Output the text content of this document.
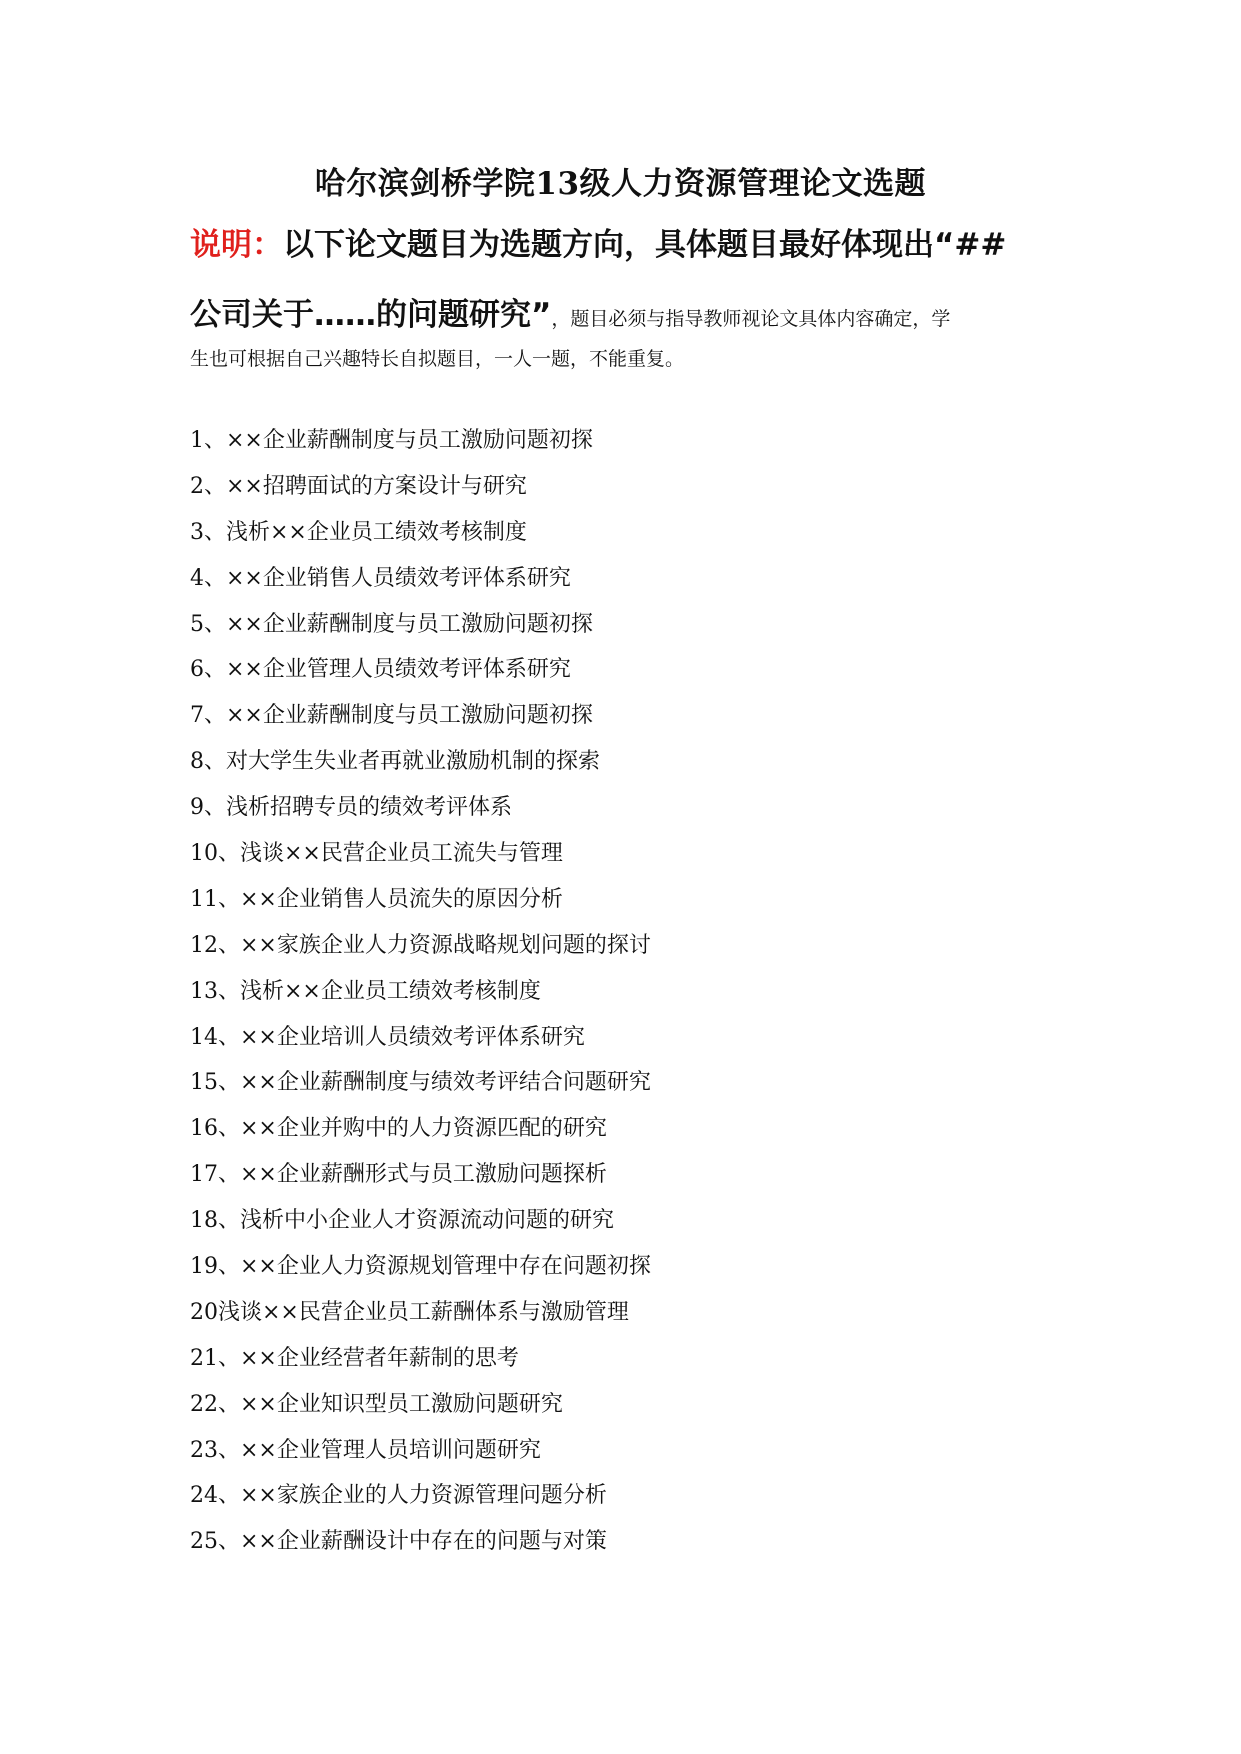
哈尔滨剑桥学院13级人力资源管理论文选题
说明：以下论文题目为选题方向，具体题目最好体现出“##
公司关于……的问题研究”，题目必须与指导教师视论文具体内容确定，学
生也可根据自己兴趣特长自拟题目，一人一题，不能重复。
1、××企业薪酬制度与员工激励问题初探
2、××招聘面试的方案设计与研究
3、浅析××企业员工绩效考核制度
4、××企业销售人员绩效考评体系研究
5、××企业薪酬制度与员工激励问题初探
6、××企业管理人员绩效考评体系研究
7、××企业薪酬制度与员工激励问题初探
8、对大学生失业者再就业激励机制的探索
9、浅析招聘专员的绩效考评体系
10、浅谈××民营企业员工流失与管理
11、××企业销售人员流失的原因分析
12、××家族企业人力资源战略规划问题的探讨
13、浅析××企业员工绩效考核制度
14、××企业培训人员绩效考评体系研究
15、××企业薪酬制度与绩效考评结合问题研究
16、××企业并购中的人力资源匹配的研究
17、××企业薪酬形式与员工激励问题探析
18、浅析中小企业人才资源流动问题的研究
19、××企业人力资源规划管理中存在问题初探
20浅谈××民营企业员工薪酬体系与激励管理
21、××企业经营者年薪制的思考
22、××企业知识型员工激励问题研究
23、××企业管理人员培训问题研究
24、××家族企业的人力资源管理问题分析
25、××企业薪酬设计中存在的问题与对策
